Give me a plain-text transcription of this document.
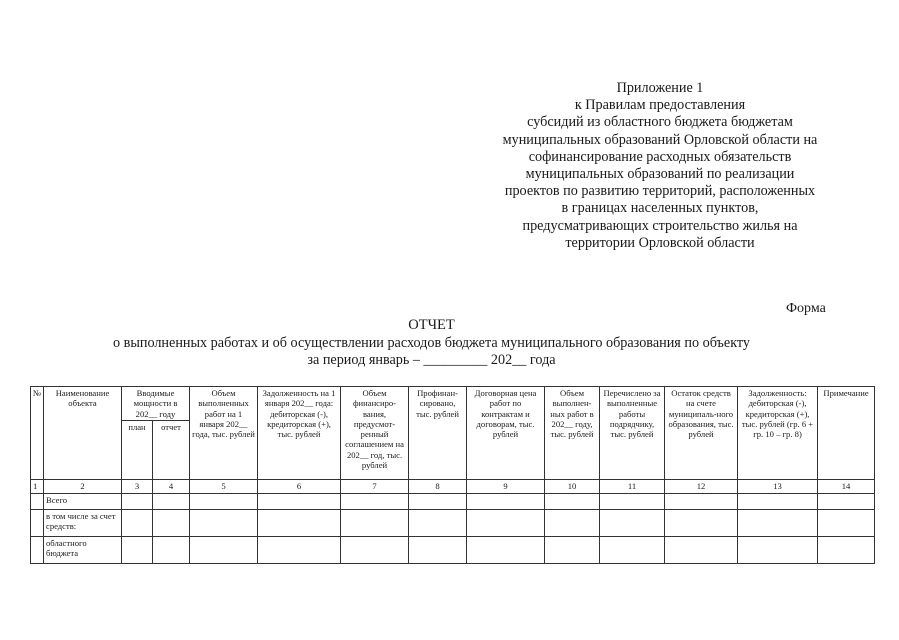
Приложение 1
к Правилам предоставления
субсидий из областного бюджета бюджетам
муниципальных образований Орловской области на
софинансирование расходных обязательств
муниципальных образований по реализации
проектов по развитию территорий, расположенных
в границах населенных пунктов,
предусматривающих строительство жилья на
территории Орловской области
Форма
ОТЧЕТ
о выполненных работах и об осуществлении расходов бюджета муниципального образования по объекту
за период январь – _________ 202__ года
№	Наименование объекта	Вводимые мощности в 202__ году		Объем выполненных работ на 1 января 202__ года, тыс. рублей	Задолженность на 1 января 202__ года: дебиторская (-), кредиторская (+), тыс. рублей	Объем финансиро-вания, предусмот-ренный соглашением на 202__ год, тыс. рублей	Профинан-сировано, тыс. рублей	Договорная цена работ по контрактам и договорам, тыс. рублей	Объем выполнен-ных работ в 202__ году, тыс. рублей	Перечислено за выполненные работы подрядчику, тыс. рублей	Остаток средств на счете муниципаль-ного образования, тыс. рублей	Задолженность: дебиторская (-), кредиторская (+), тыс. рублей (гр. 6 + гр. 10 – гр. 8)	Примечание
		план	отчет										
1	2	3	4	5	6	7	8	9	10	11	12	13	14
	Всего												
	в том числе за счет средств:												
	областного бюджета												
